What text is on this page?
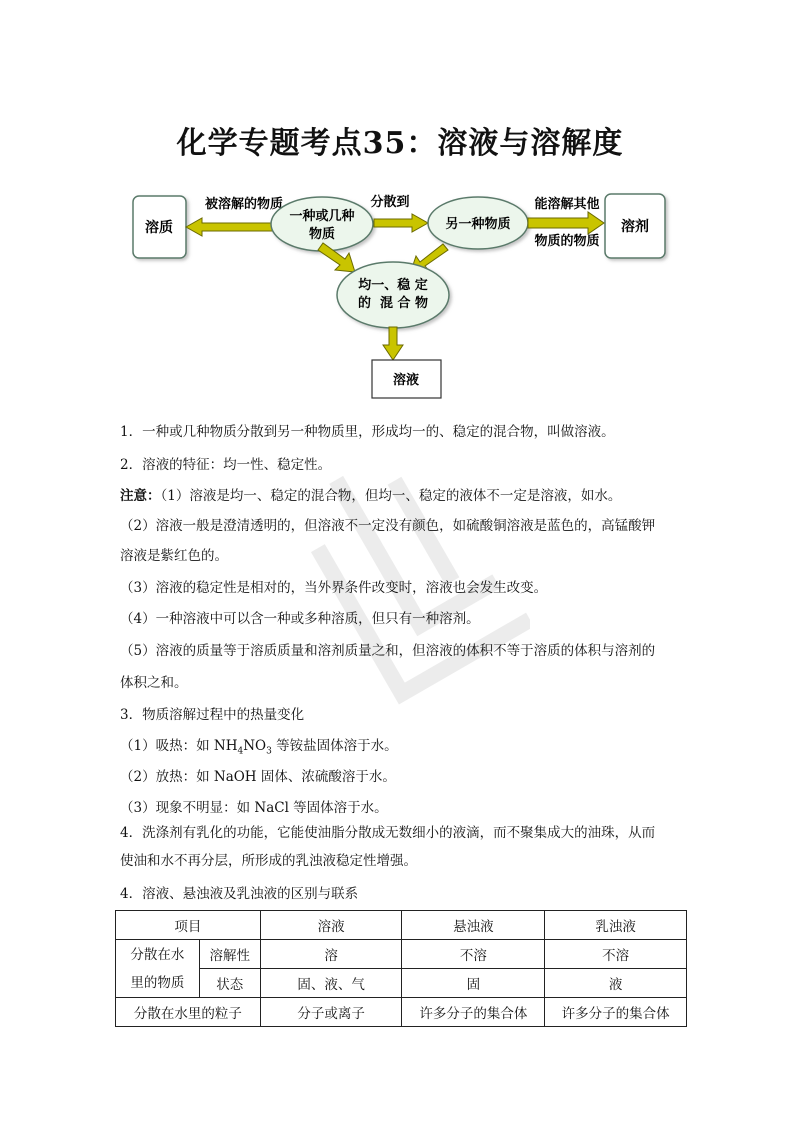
化学专题考点35：溶液与溶解度
溶质	溶剂
被溶解的物质
一种或几种
物质
分散到
另一种物质
能溶解其他
物质的物质
均一、稳 定
的  混 合 物
溶液
1．一种或几种物质分散到另一种物质里，形成均一的、稳定的混合物，叫做溶液。
2．溶液的特征：均一性、稳定性。
注意：（1）溶液是均一、稳定的混合物，但均一、稳定的液体不一定是溶液，如水。
（2）溶液一般是澄清透明的，但溶液不一定没有颜色，如硫酸铜溶液是蓝色的，高锰酸钾
溶液是紫红色的。
（3）溶液的稳定性是相对的，当外界条件改变时，溶液也会发生改变。
（4）一种溶液中可以含一种或多种溶质，但只有一种溶剂。
（5）溶液的质量等于溶质质量和溶剂质量之和，但溶液的体积不等于溶质的体积与溶剂的
体积之和。
3．物质溶解过程中的热量变化
（1）吸热：如 $NH_4NO_3$ 等铵盐固体溶于水。
（2）放热：如 NaOH 固体、浓硫酸溶于水。
（3）现象不明显：如 NaCl 等固体溶于水。
4．洗涤剂有乳化的功能，它能使油脂分散成无数细小的液滴，而不聚集成大的油珠，从而
使油和水不再分层，所形成的乳浊液稳定性增强。
4．溶液、悬浊液及乳浊液的区别与联系
项目		溶液	悬浊液	乳浊液
分散在水
里的物质	溶解性	溶	不溶	不溶
	状态	固、液、气	固	液
分散在水里的粒子		分子或离子	许多分子的集合体	许多分子的集合体
